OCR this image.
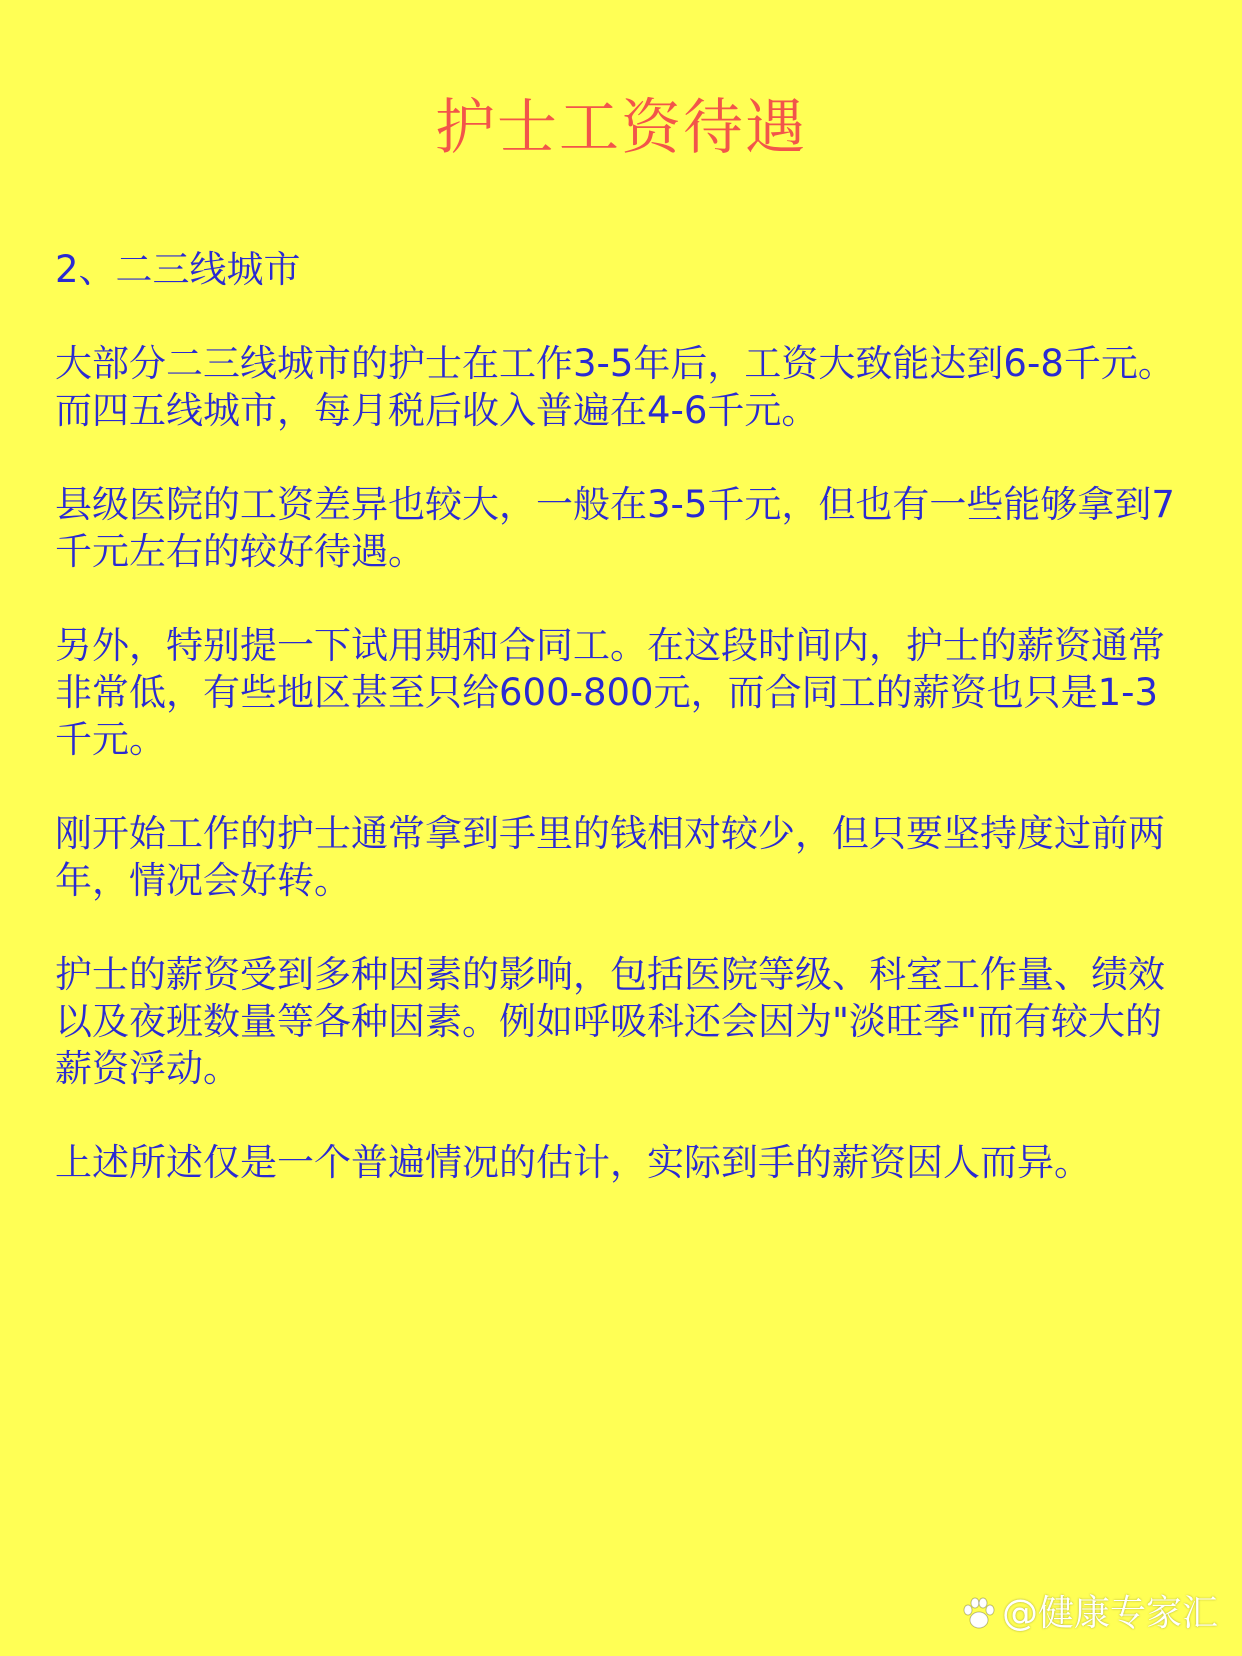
护士工资待遇
2、二三线城市
大部分二三线城市的护士在工作3-5年后，工资大致能达到6-8千元。而四五线城市，每月税后收入普遍在4-6千元。
县级医院的工资差异也较大，一般在3-5千元，但也有一些能够拿到7千元左右的较好待遇。
另外，特别提一下试用期和合同工。在这段时间内，护士的薪资通常非常低，有些地区甚至只给600-800元，而合同工的薪资也只是1-3千元。
刚开始工作的护士通常拿到手里的钱相对较少，但只要坚持度过前两年，情况会好转。
护士的薪资受到多种因素的影响，包括医院等级、科室工作量、绩效以及夜班数量等各种因素。例如呼吸科还会因为"淡旺季"而有较大的薪资浮动。
上述所述仅是一个普遍情况的估计，实际到手的薪资因人而异。
@健康专家汇
